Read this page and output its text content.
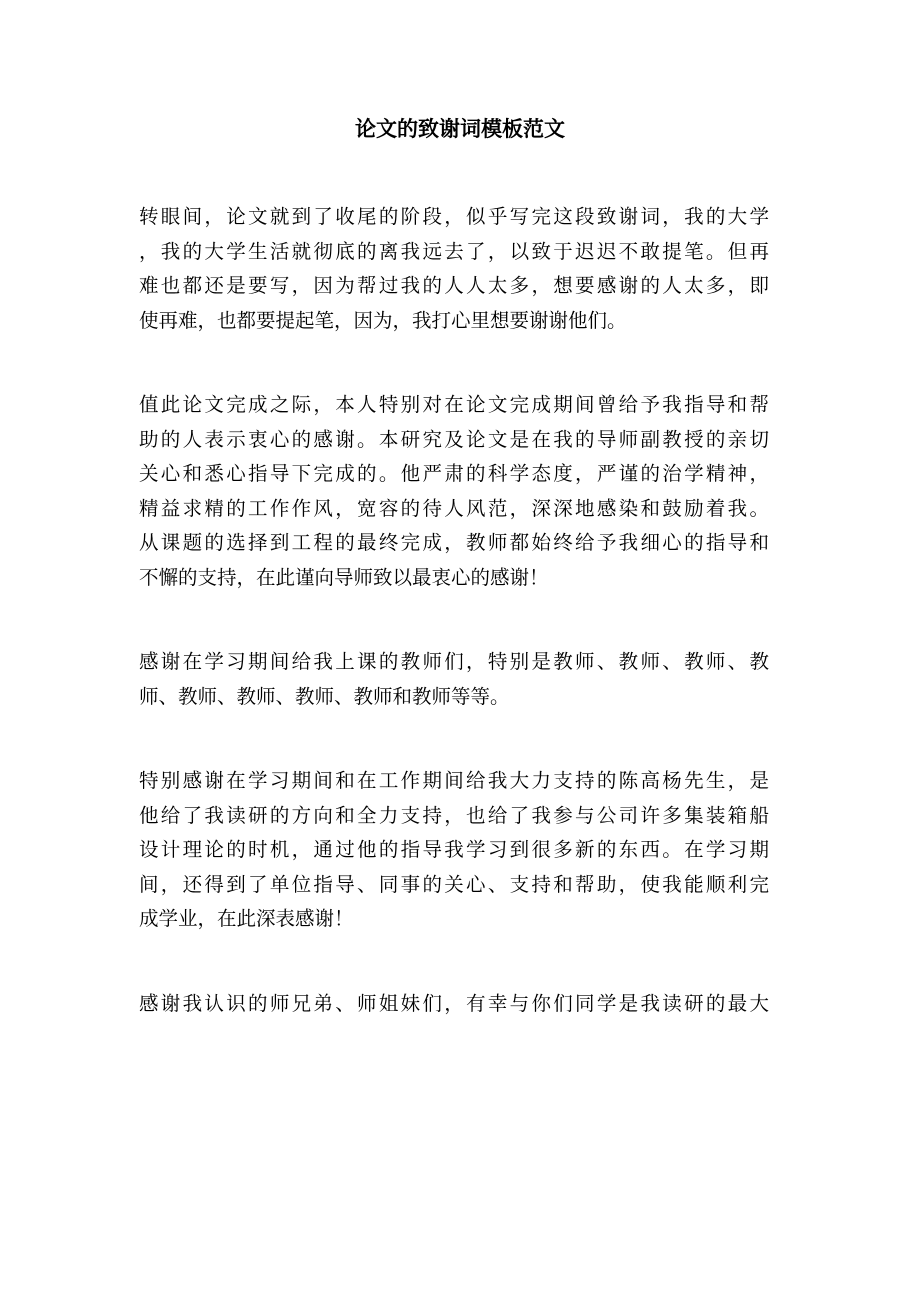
论文的致谢词模板范文

转眼间，论文就到了收尾的阶段，似乎写完这段致谢词，我的大学
，我的大学生活就彻底的离我远去了，以致于迟迟不敢提笔。但再
难也都还是要写，因为帮过我的人人太多，想要感谢的人太多，即
使再难，也都要提起笔，因为，我打心里想要谢谢他们。

值此论文完成之际，本人特别对在论文完成期间曾给予我指导和帮
助的人表示衷心的感谢。本研究及论文是在我的导师副教授的亲切
关心和悉心指导下完成的。他严肃的科学态度，严谨的治学精神，
精益求精的工作作风，宽容的待人风范，深深地感染和鼓励着我。
从课题的选择到工程的最终完成，教师都始终给予我细心的指导和
不懈的支持，在此谨向导师致以最衷心的感谢！

感谢在学习期间给我上课的教师们，特别是教师、教师、教师、教
师、教师、教师、教师、教师和教师等等。

特别感谢在学习期间和在工作期间给我大力支持的陈高杨先生，是
他给了我读研的方向和全力支持，也给了我参与公司许多集装箱船
设计理论的时机，通过他的指导我学习到很多新的东西。在学习期
间，还得到了单位指导、同事的关心、支持和帮助，使我能顺利完
成学业，在此深表感谢！

感谢我认识的师兄弟、师姐妹们，有幸与你们同学是我读研的最大
